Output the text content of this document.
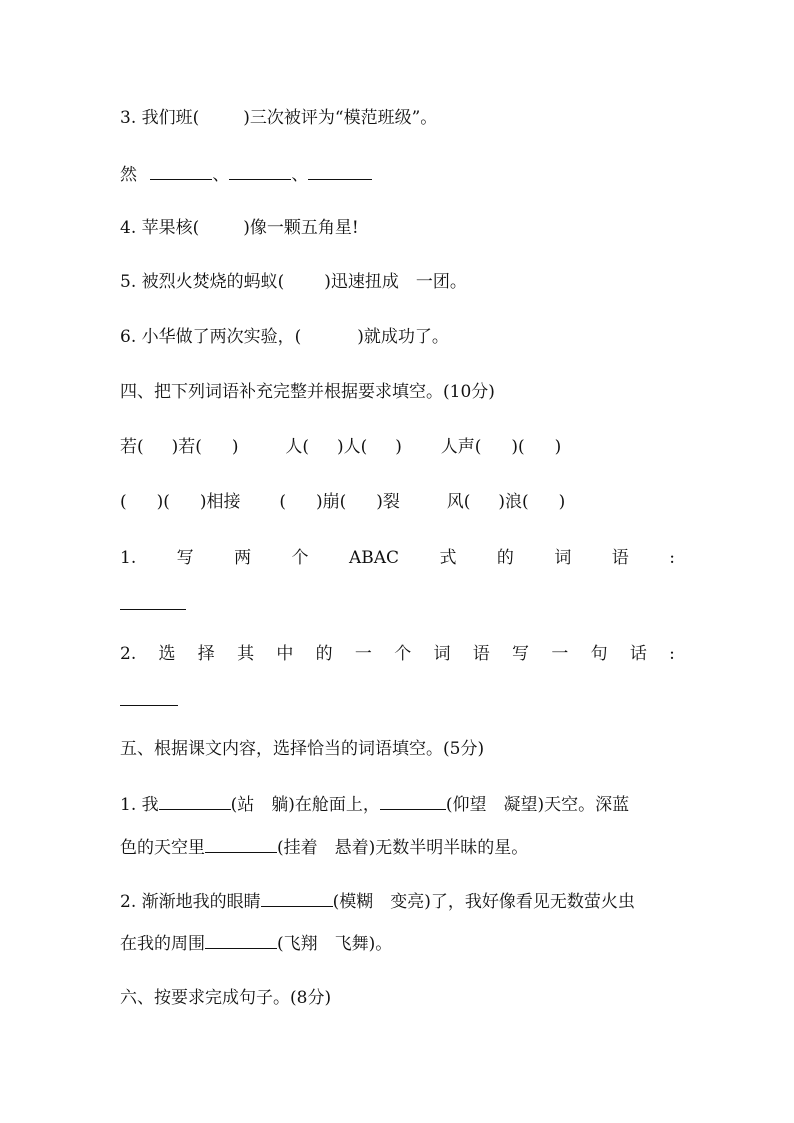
3. 我们班(	)三次被评为“模范班级”。
然	、	、
4. 苹果核(	)像一颗五角星!
5. 被烈火焚烧的蚂蚁( )迅速扭成　一团。
6. 小华做了两次实验，(	)就成功了。
四、把下列词语补充完整并根据要求填空。(10分)
若( )若( )	人( )人( ) 人声( )( )
( )( )相接 ( )崩( )裂	风( )浪( )
1. 写 两 个 ABAC 式 的 词 语 :
2. 选 择 其 中 的 一 个 词 语 写 一 句 话 :
五、根据课文内容，选择恰当的词语填空。(5分)
1. 我	(站　躺)在舱面上，	(仰望　凝望)天空。深蓝
色的天空里	(挂着　悬着)无数半明半昧的星。
2. 渐渐地我的眼睛	(模糊　变亮)了，我好像看见无数萤火虫
在我的周围	(飞翔　飞舞)。
六、按要求完成句子。(8分)
